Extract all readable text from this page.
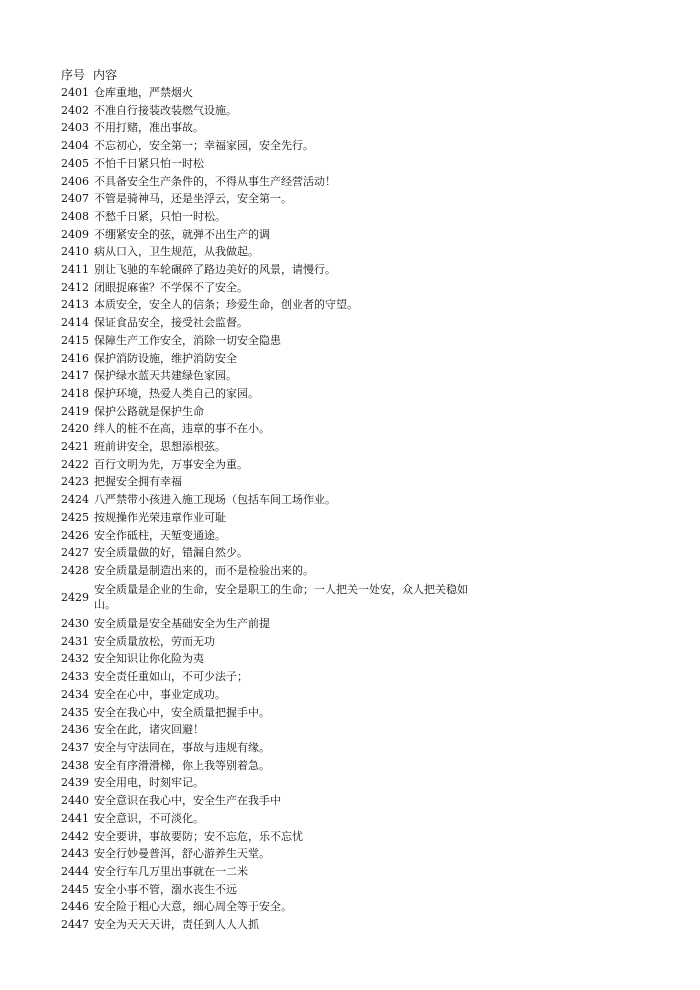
序号 内容
2401 仓库重地，严禁烟火
2402 不准自行接装改装燃气设施。
2403 不用打赌，准出事故。
2404 不忘初心，安全第一；幸福家园，安全先行。
2405 不怕千日紧只怕一时松
2406 不具备安全生产条件的，不得从事生产经营活动！
2407 不管是骑神马，还是坐浮云，安全第一。
2408 不愁千日紧，只怕一时松。
2409 不绷紧安全的弦，就弹不出生产的调
2410 病从口入，卫生规范，从我做起。
2411 别让飞驰的车轮碾碎了路边美好的风景，请慢行。
2412 闭眼捉麻雀？不学保不了安全。
2413 本质安全，安全人的信条；珍爱生命，创业者的守望。
2414 保证食品安全，接受社会监督。
2415 保障生产工作安全，消除一切安全隐患
2416 保护消防设施，维护消防安全
2417 保护绿水蓝天共建绿色家园。
2418 保护环境，热爱人类自己的家园。
2419 保护公路就是保护生命
2420 绊人的桩不在高，违章的事不在小。
2421 班前讲安全，思想添根弦。
2422 百行文明为先，万事安全为重。
2423 把握安全拥有幸福
2424 八严禁带小孩进入施工现场（包括车间工场作业。
2425 按规操作光荣违章作业可耻
2426 安全作砥柱，天堑变通途。
2427 安全质量做的好，错漏自然少。
2428 安全质量是制造出来的，而不是检验出来的。
2429
安全质量是企业的生命，安全是职工的生命；一人把关一处安，众人把关稳如山。
2430 安全质量是安全基础安全为生产前提
2431 安全质量放松，劳而无功
2432 安全知识让你化险为夷
2433 安全责任重如山，不可少法子；
2434 安全在心中，事业定成功。
2435 安全在我心中，安全质量把握手中。
2436 安全在此，诸灾回避！
2437 安全与守法同在，事故与违规有缘。
2438 安全有序滑滑梯，你上我等别着急。
2439 安全用电，时刻牢记。
2440 安全意识在我心中，安全生产在我手中
2441 安全意识，不可淡化。
2442 安全要讲，事故要防；安不忘危，乐不忘忧
2443 安全行妙曼普洱，舒心游养生天堂。
2444 安全行车几万里出事就在一二米
2445 安全小事不管，溺水丧生不远
2446 安全险于粗心大意，细心周全等于安全。
2447 安全为天天天讲，责任到人人人抓
